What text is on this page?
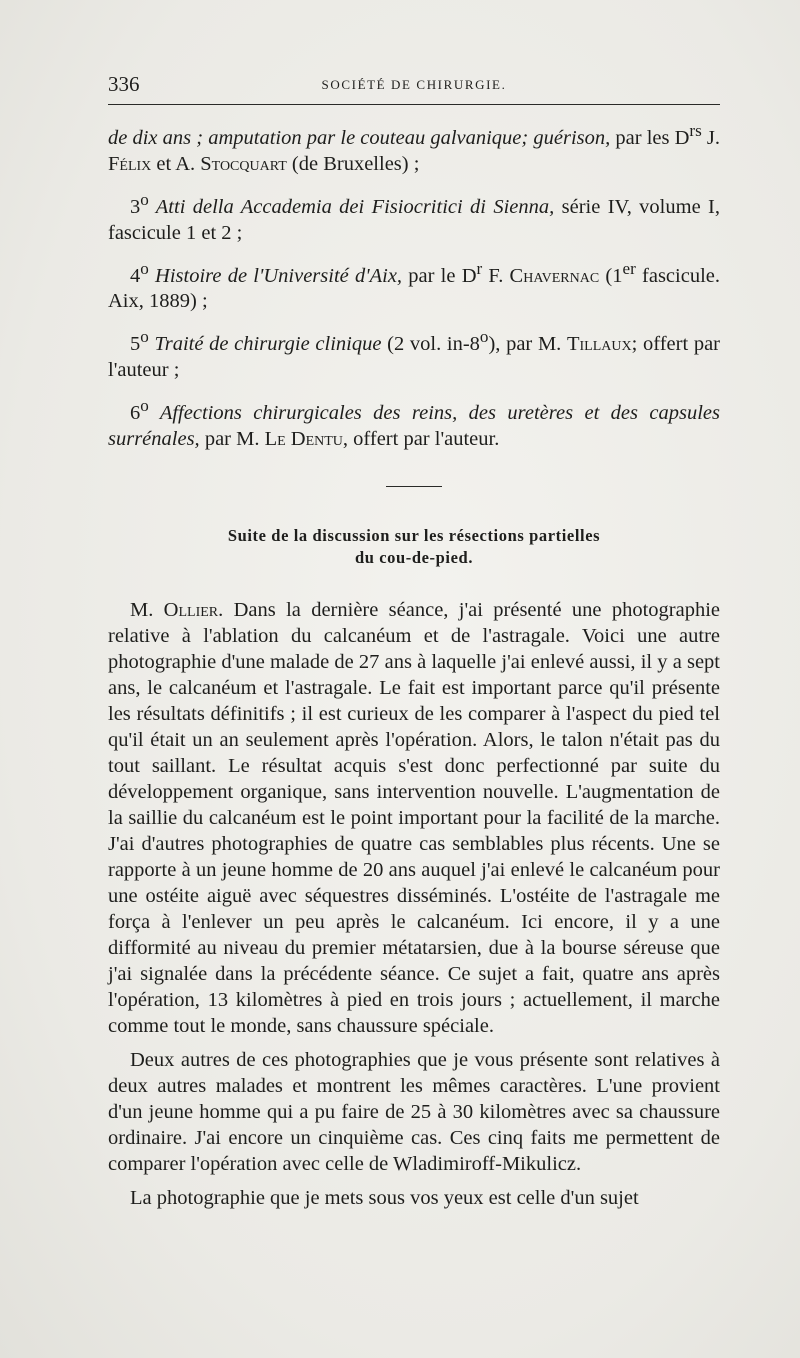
336	SOCIÉTÉ DE CHIRURGIE.

de dix ans ; amputation par le couteau galvanique; guérison, par les $D^{rs}$ J. Félix et A. Stocquart (de Bruxelles) ;

3$^o$ Atti della Accademia dei Fisiocritici di Sienna, série IV, volume I, fascicule 1 et 2 ;

4$^o$ Histoire de l'Université d'Aix, par le $D^r$ F. Chavernac (1er fascicule. Aix, 1889) ;

5$^o$ Traité de chirurgie clinique (2 vol. in-8$^o$), par M. Tillaux; offert par l'auteur ;

6$^o$ Affections chirurgicales des reins, des uretères et des capsules surrénales, par M. Le Dentu, offert par l'auteur.

Suite de la discussion sur les résections partielles
du cou-de-pied.

M. Ollier. Dans la dernière séance, j'ai présenté une photographie relative à l'ablation du calcanéum et de l'astragale. Voici une autre photographie d'une malade de 27 ans à laquelle j'ai enlevé aussi, il y a sept ans, le calcanéum et l'astragale. Le fait est important parce qu'il présente les résultats définitifs ; il est curieux de les comparer à l'aspect du pied tel qu'il était un an seulement après l'opération. Alors, le talon n'était pas du tout saillant. Le résultat acquis s'est donc perfectionné par suite du développement organique, sans intervention nouvelle. L'augmentation de la saillie du calcanéum est le point important pour la facilité de la marche. J'ai d'autres photographies de quatre cas semblables plus récents. Une se rapporte à un jeune homme de 20 ans auquel j'ai enlevé le calcanéum pour une ostéite aiguë avec séquestres disséminés. L'ostéite de l'astragale me força à l'enlever un peu après le calcanéum. Ici encore, il y a une difformité au niveau du premier métatarsien, due à la bourse séreuse que j'ai signalée dans la précédente séance. Ce sujet a fait, quatre ans après l'opération, 13 kilomètres à pied en trois jours ; actuellement, il marche comme tout le monde, sans chaussure spéciale.

Deux autres de ces photographies que je vous présente sont relatives à deux autres malades et montrent les mêmes caractères. L'une provient d'un jeune homme qui a pu faire de 25 à 30 kilomètres avec sa chaussure ordinaire. J'ai encore un cinquième cas. Ces cinq faits me permettent de comparer l'opération avec celle de Wladimiroff-Mikulicz.

La photographie que je mets sous vos yeux est celle d'un sujet
